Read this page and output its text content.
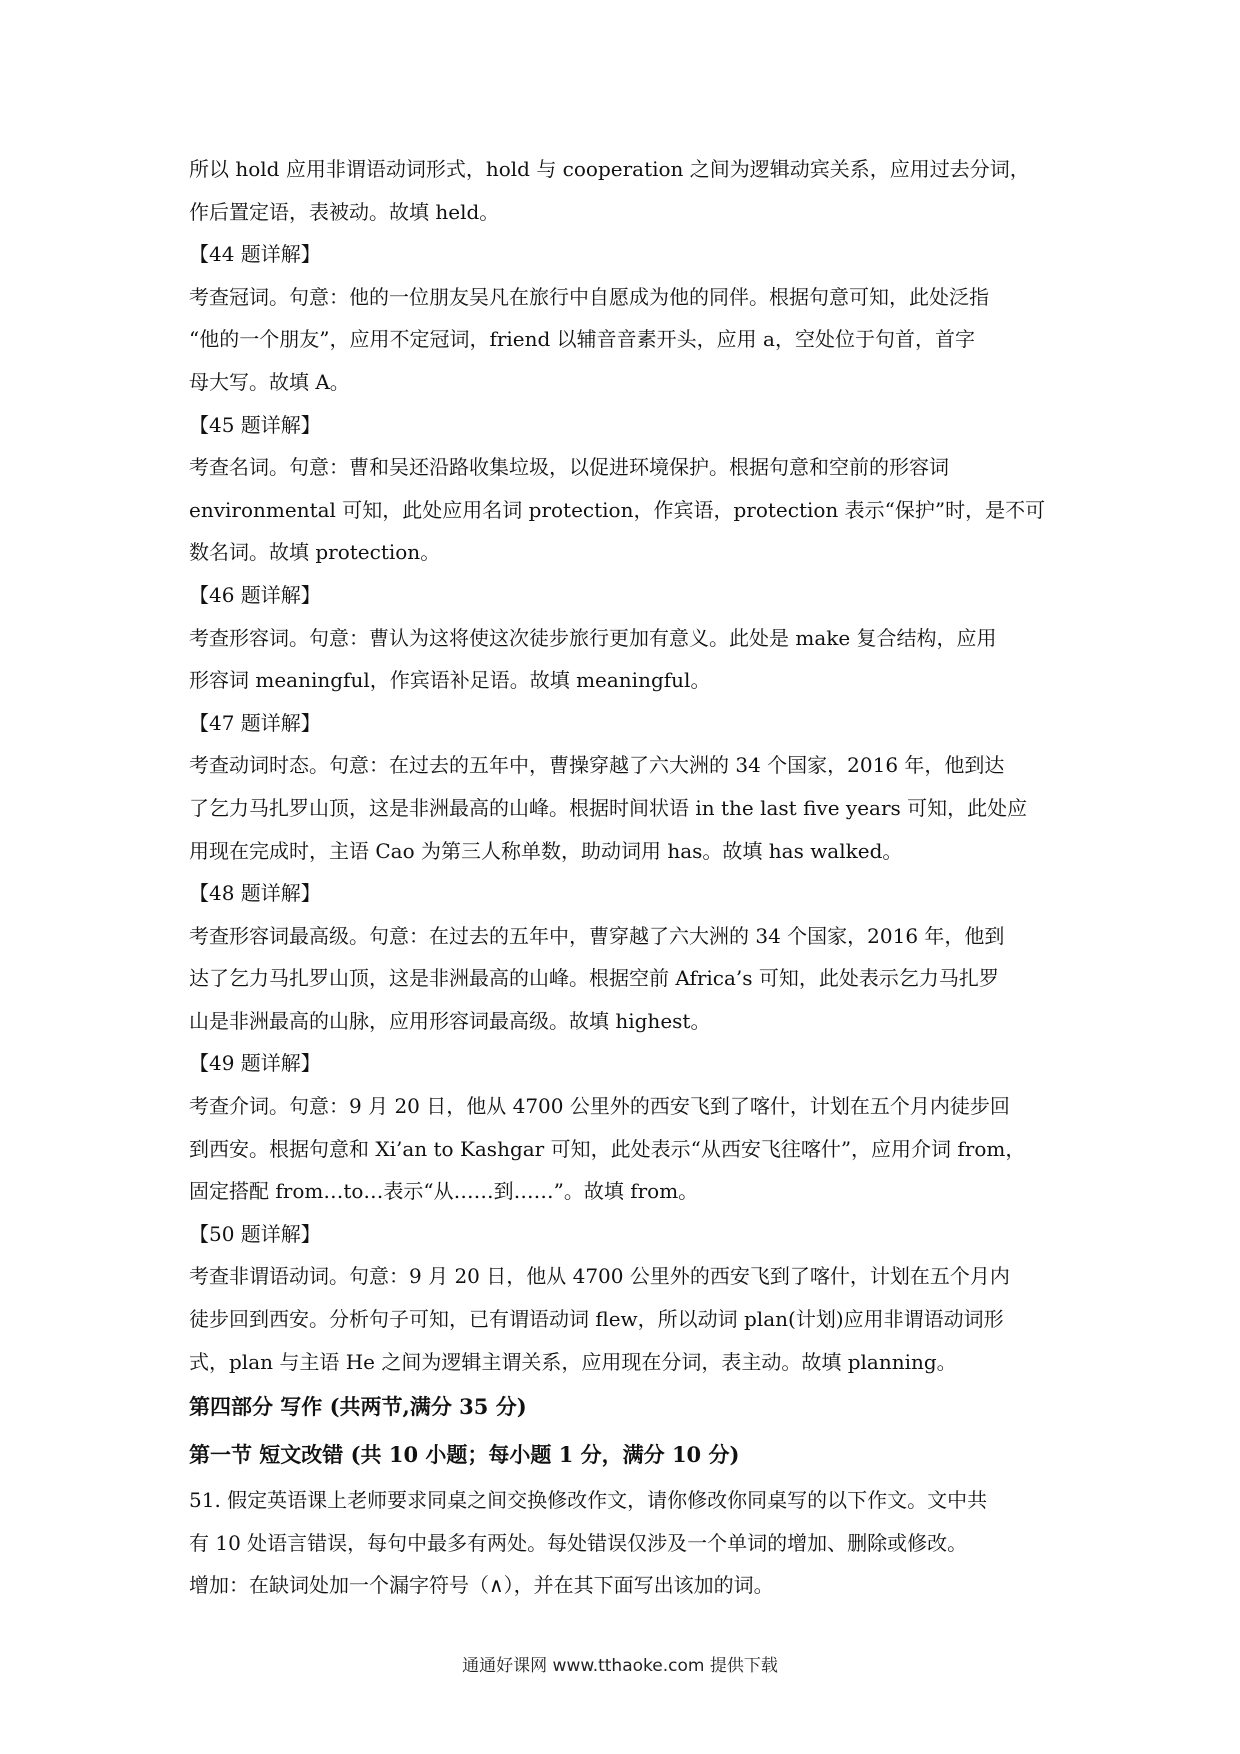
所以 hold 应用非谓语动词形式，hold 与 cooperation 之间为逻辑动宾关系，应用过去分词，
作后置定语，表被动。故填 held。
【44 题详解】
考查冠词。句意：他的一位朋友吴凡在旅行中自愿成为他的同伴。根据句意可知，此处泛指
“他的一个朋友”，应用不定冠词，friend 以辅音音素开头，应用 a，空处位于句首，首字
母大写。故填 A。
【45 题详解】
考查名词。句意：曹和吴还沿路收集垃圾，以促进环境保护。根据句意和空前的形容词
environmental 可知，此处应用名词 protection，作宾语，protection 表示“保护”时，是不可
数名词。故填 protection。
【46 题详解】
考查形容词。句意：曹认为这将使这次徒步旅行更加有意义。此处是 make 复合结构，应用
形容词 meaningful，作宾语补足语。故填 meaningful。
【47 题详解】
考查动词时态。句意：在过去的五年中，曹操穿越了六大洲的 34 个国家，2016 年，他到达
了乞力马扎罗山顶，这是非洲最高的山峰。根据时间状语 in the last five years 可知，此处应
用现在完成时，主语 Cao 为第三人称单数，助动词用 has。故填 has walked。
【48 题详解】
考查形容词最高级。句意：在过去的五年中，曹穿越了六大洲的 34 个国家，2016 年，他到
达了乞力马扎罗山顶，这是非洲最高的山峰。根据空前 Africa’s 可知，此处表示乞力马扎罗
山是非洲最高的山脉，应用形容词最高级。故填 highest。
【49 题详解】
考查介词。句意：9 月 20 日，他从 4700 公里外的西安飞到了喀什，计划在五个月内徒步回
到西安。根据句意和 Xi’an to Kashgar 可知，此处表示“从西安飞往喀什”，应用介词 from，
固定搭配 from…to…表示“从……到……”。故填 from。
【50 题详解】
考查非谓语动词。句意：9 月 20 日，他从 4700 公里外的西安飞到了喀什，计划在五个月内
徒步回到西安。分析句子可知，已有谓语动词 flew，所以动词 plan(计划)应用非谓语动词形
式，plan 与主语 He 之间为逻辑主谓关系，应用现在分词，表主动。故填 planning。
第四部分 写作 (共两节,满分 35 分)
第一节 短文改错 (共 10 小题；每小题 1 分，满分 10 分)
51. 假定英语课上老师要求同桌之间交换修改作文，请你修改你同桌写的以下作文。文中共
有 10 处语言错误，每句中最多有两处。每处错误仅涉及一个单词的增加、删除或修改。
增加：在缺词处加一个漏字符号（∧），并在其下面写出该加的词。
通通好课网 www.tthaoke.com 提供下载
